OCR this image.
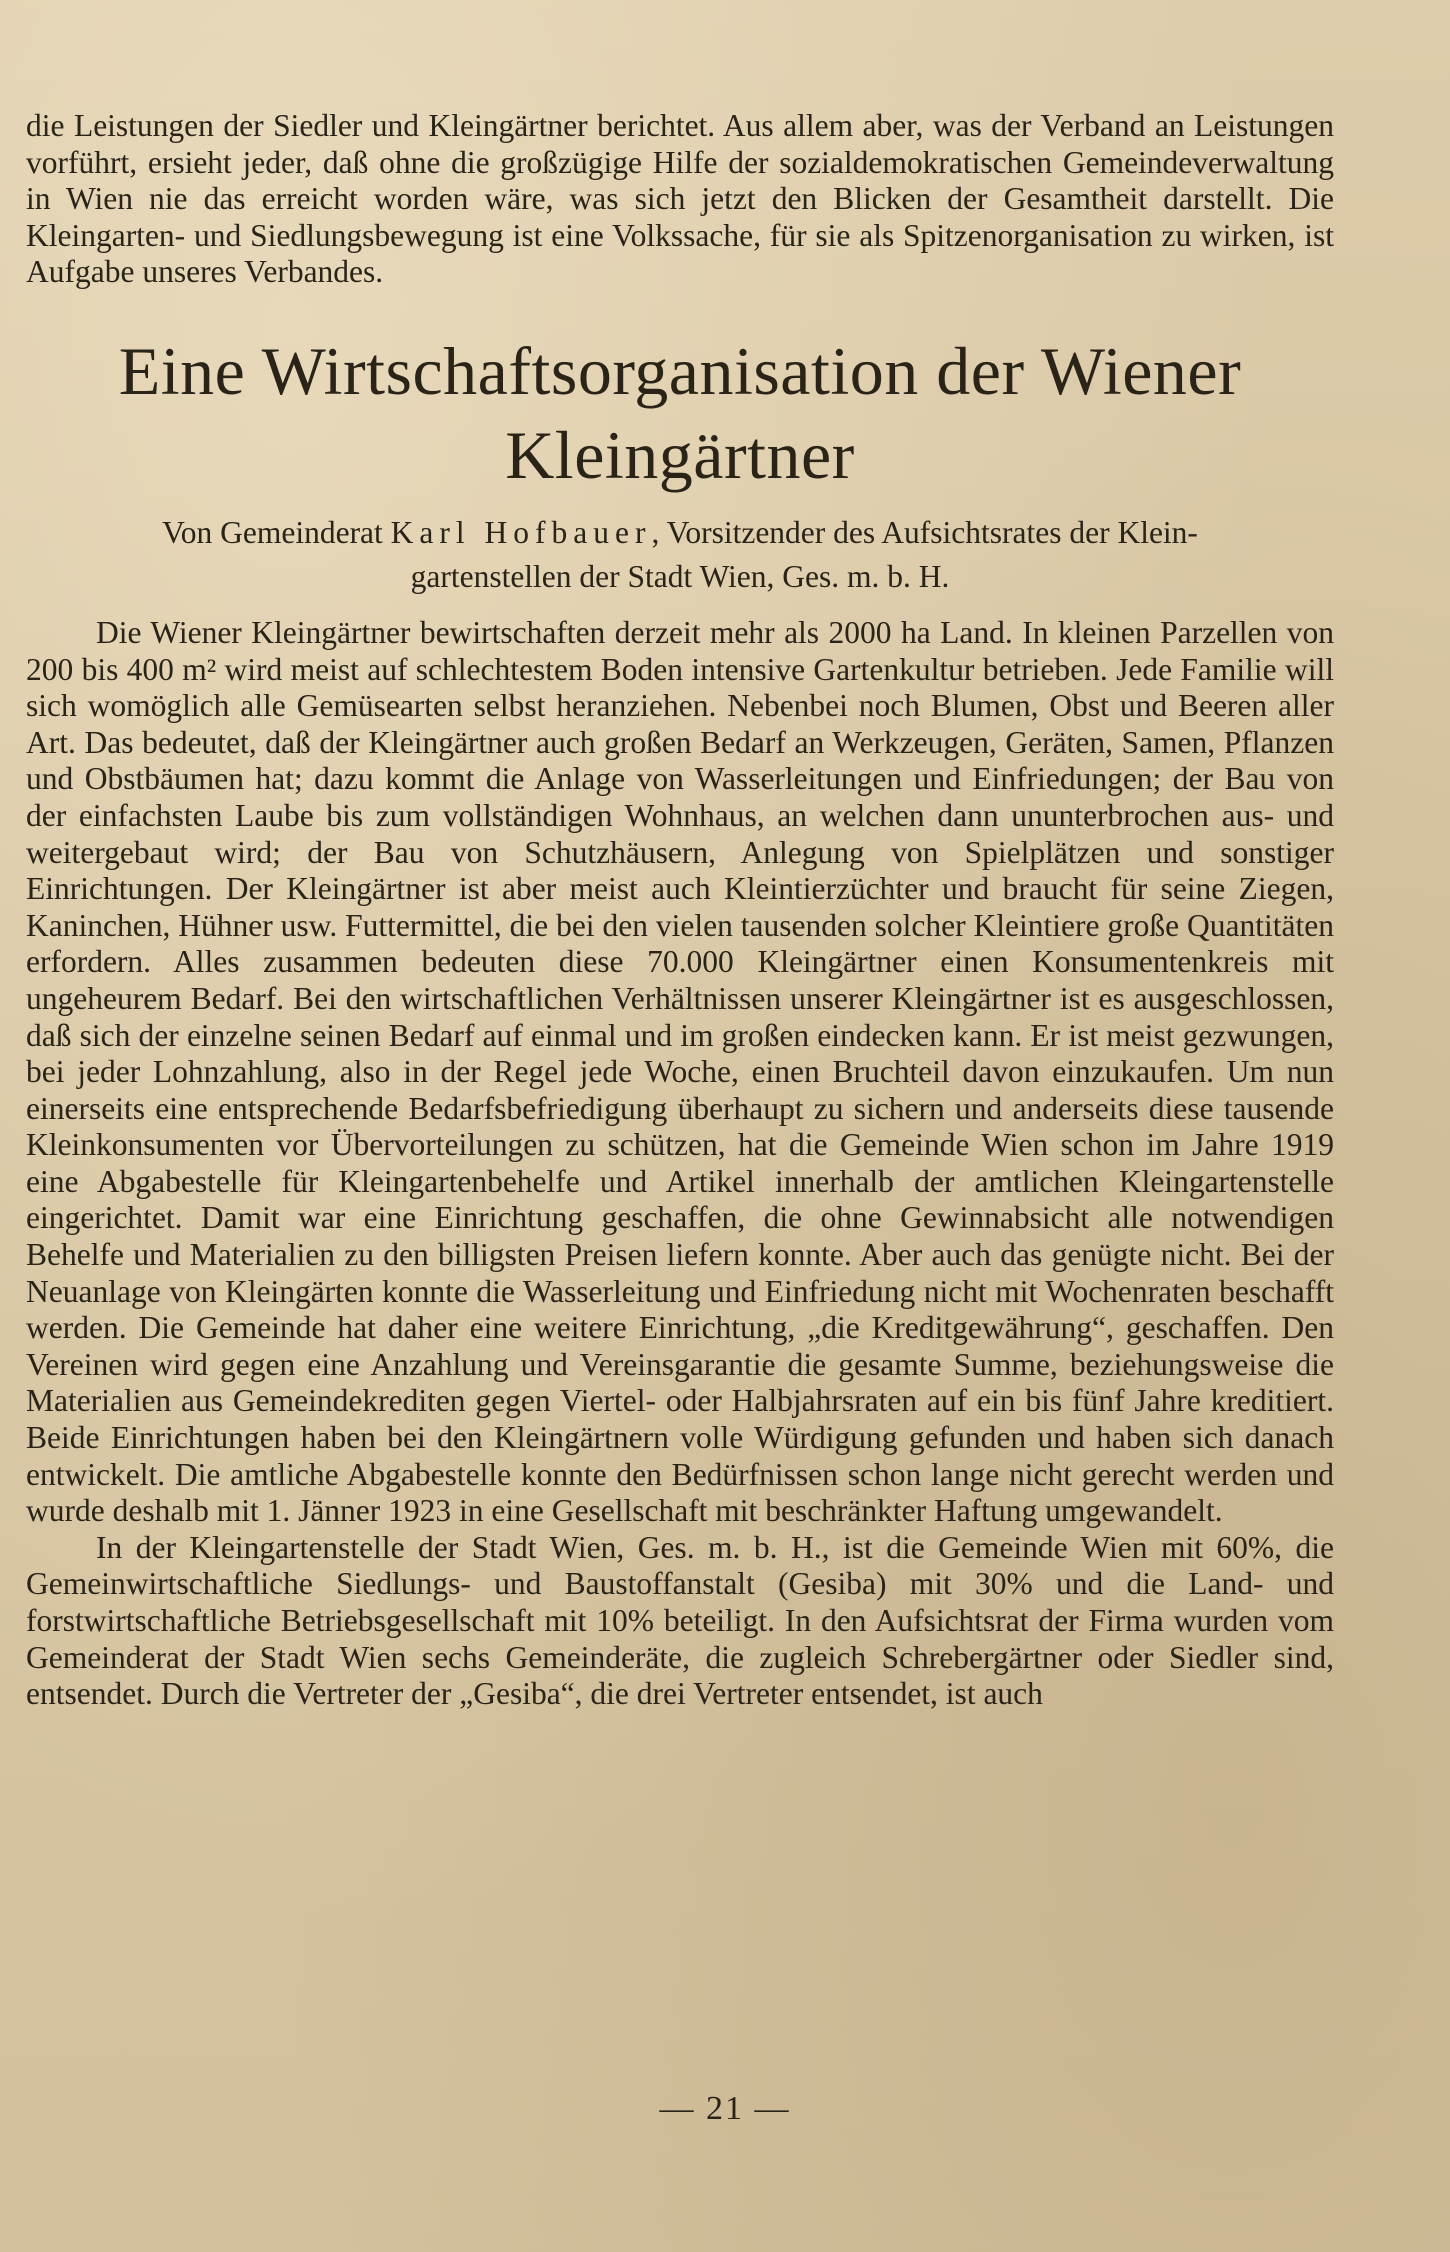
die Leistungen der Siedler und Kleingärtner berichtet. Aus allem aber, was der Verband an Leistungen vorführt, ersieht jeder, daß ohne die großzügige Hilfe der sozialdemokratischen Gemeindeverwaltung in Wien nie das erreicht worden wäre, was sich jetzt den Blicken der Gesamtheit darstellt. Die Kleingarten- und Siedlungsbewegung ist eine Volkssache, für sie als Spitzenorganisation zu wirken, ist Aufgabe unseres Verbandes.

Eine Wirtschaftsorganisation der Wiener
Kleingärtner

Von Gemeinderat Karl Hofbauer, Vorsitzender des Aufsichtsrates der Klein-
gartenstellen der Stadt Wien, Ges. m. b. H.

Die Wiener Kleingärtner bewirtschaften derzeit mehr als 2000 ha Land. In kleinen Parzellen von 200 bis 400 m² wird meist auf schlechtestem Boden intensive Gartenkultur betrieben. Jede Familie will sich womöglich alle Gemüsearten selbst heranziehen. Nebenbei noch Blumen, Obst und Beeren aller Art. Das bedeutet, daß der Kleingärtner auch großen Bedarf an Werkzeugen, Geräten, Samen, Pflanzen und Obstbäumen hat; dazu kommt die Anlage von Wasserleitungen und Einfriedungen; der Bau von der einfachsten Laube bis zum vollständigen Wohnhaus, an welchen dann ununterbrochen aus- und weitergebaut wird; der Bau von Schutzhäusern, Anlegung von Spielplätzen und sonstiger Einrichtungen. Der Kleingärtner ist aber meist auch Kleintierzüchter und braucht für seine Ziegen, Kaninchen, Hühner usw. Futtermittel, die bei den vielen tausenden solcher Kleintiere große Quantitäten erfordern. Alles zusammen bedeuten diese 70.000 Kleingärtner einen Konsumentenkreis mit ungeheurem Bedarf. Bei den wirtschaftlichen Verhältnissen unserer Kleingärtner ist es ausgeschlossen, daß sich der einzelne seinen Bedarf auf einmal und im großen eindecken kann. Er ist meist gezwungen, bei jeder Lohnzahlung, also in der Regel jede Woche, einen Bruchteil davon einzukaufen. Um nun einerseits eine entsprechende Bedarfsbefriedigung überhaupt zu sichern und anderseits diese tausende Kleinkonsumenten vor Übervorteilungen zu schützen, hat die Gemeinde Wien schon im Jahre 1919 eine Abgabestelle für Kleingartenbehelfe und Artikel innerhalb der amtlichen Kleingartenstelle eingerichtet. Damit war eine Einrichtung geschaffen, die ohne Gewinnabsicht alle notwendigen Behelfe und Materialien zu den billigsten Preisen liefern konnte. Aber auch das genügte nicht. Bei der Neuanlage von Kleingärten konnte die Wasserleitung und Einfriedung nicht mit Wochenraten beschafft werden. Die Gemeinde hat daher eine weitere Einrichtung, „die Kreditgewährung“, geschaffen. Den Vereinen wird gegen eine Anzahlung und Vereinsgarantie die gesamte Summe, beziehungsweise die Materialien aus Gemeindekrediten gegen Viertel- oder Halbjahrsraten auf ein bis fünf Jahre kreditiert. Beide Einrichtungen haben bei den Kleingärtnern volle Würdigung gefunden und haben sich danach entwickelt. Die amtliche Abgabestelle konnte den Bedürfnissen schon lange nicht gerecht werden und wurde deshalb mit 1. Jänner 1923 in eine Gesellschaft mit beschränkter Haftung umgewandelt.

In der Kleingartenstelle der Stadt Wien, Ges. m. b. H., ist die Gemeinde Wien mit 60%, die Gemeinwirtschaftliche Siedlungs- und Baustoffanstalt (Gesiba) mit 30% und die Land- und forstwirtschaftliche Betriebsgesellschaft mit 10% beteiligt. In den Aufsichtsrat der Firma wurden vom Gemeinderat der Stadt Wien sechs Gemeinderäte, die zugleich Schrebergärtner oder Siedler sind, entsendet. Durch die Vertreter der „Gesiba“, die drei Vertreter entsendet, ist auch

— 21 —
